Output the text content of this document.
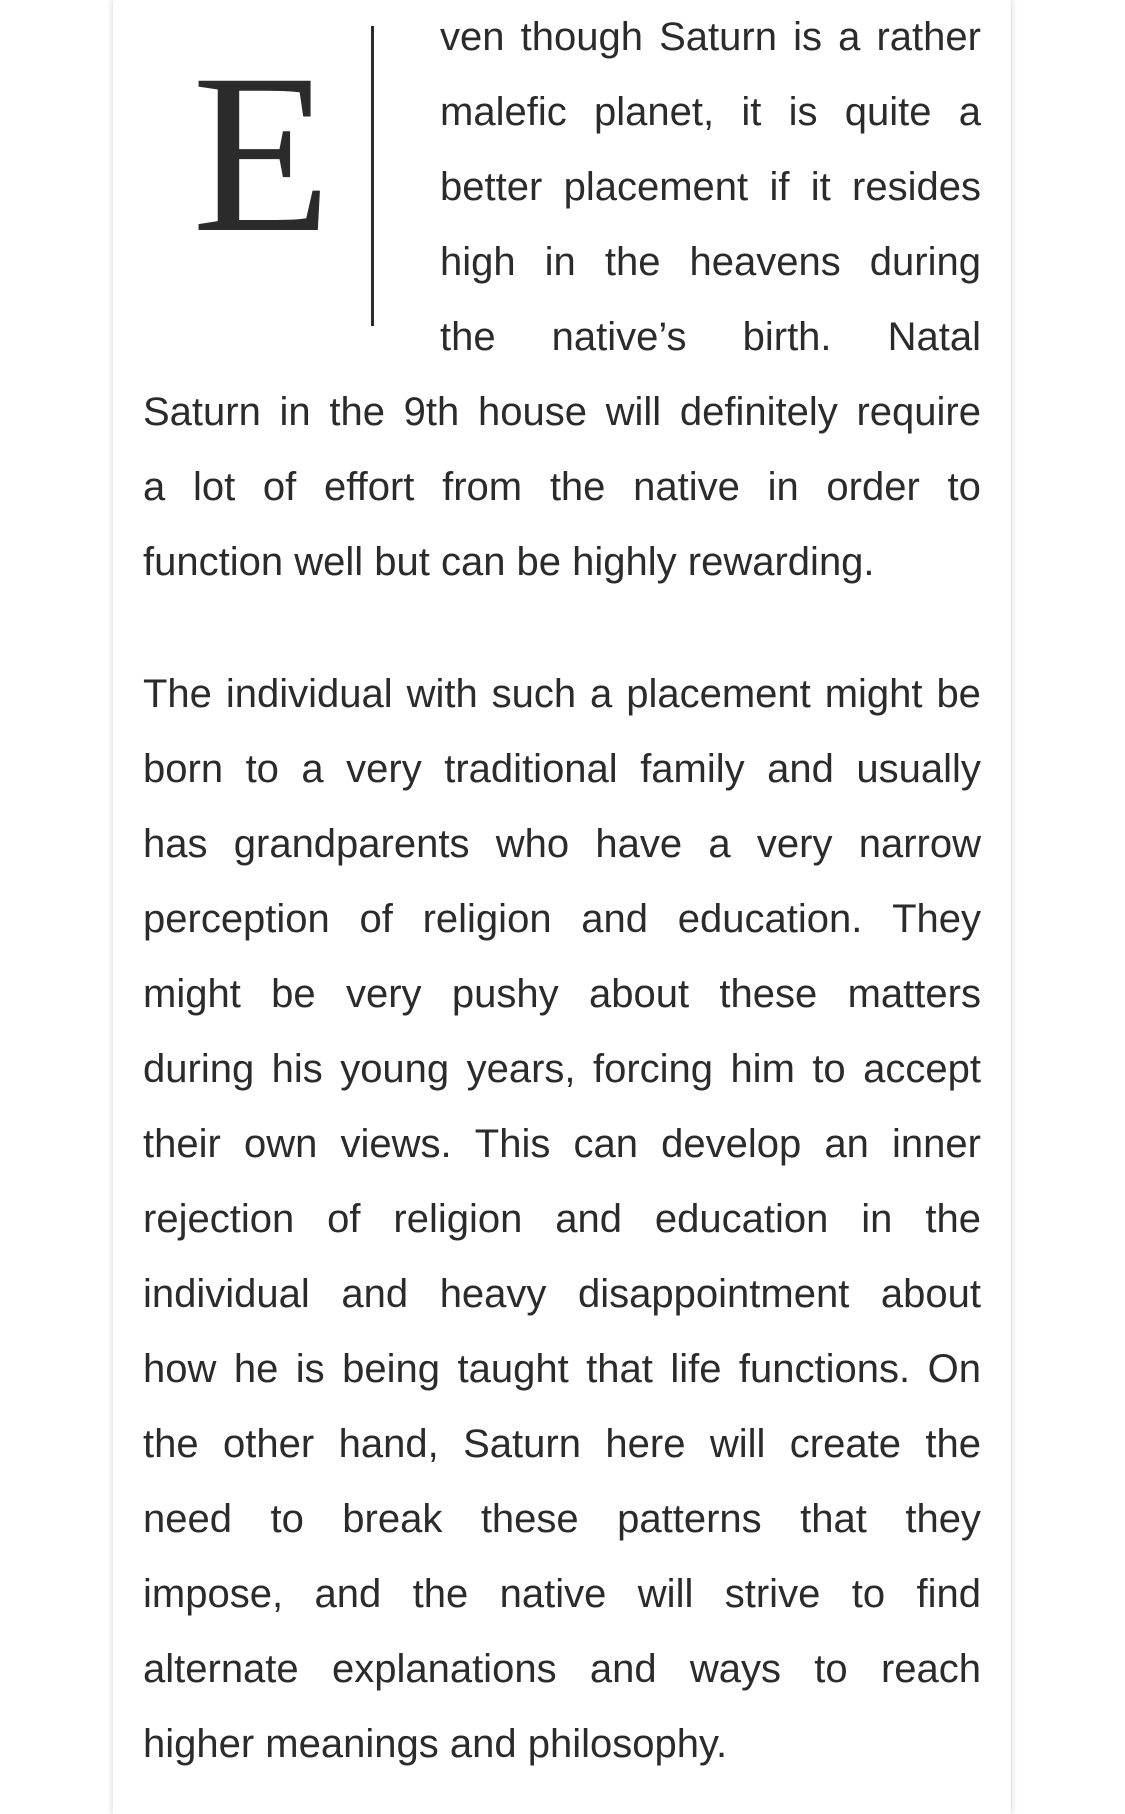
E	ven though Saturn is a rather
malefic planet, it is quite a
better placement if it resides
high in the heavens during
the native’s birth. Natal
Saturn in the 9th house will definitely require
a lot of effort from the native in order to
function well but can be highly rewarding.
The individual with such a placement might be
born to a very traditional family and usually
has grandparents who have a very narrow
perception of religion and education. They
might be very pushy about these matters
during his young years, forcing him to accept
their own views. This can develop an inner
rejection of religion and education in the
individual and heavy disappointment about
how he is being taught that life functions. On
the other hand, Saturn here will create the
need to break these patterns that they
impose, and the native will strive to find
alternate explanations and ways to reach
higher meanings and philosophy.
